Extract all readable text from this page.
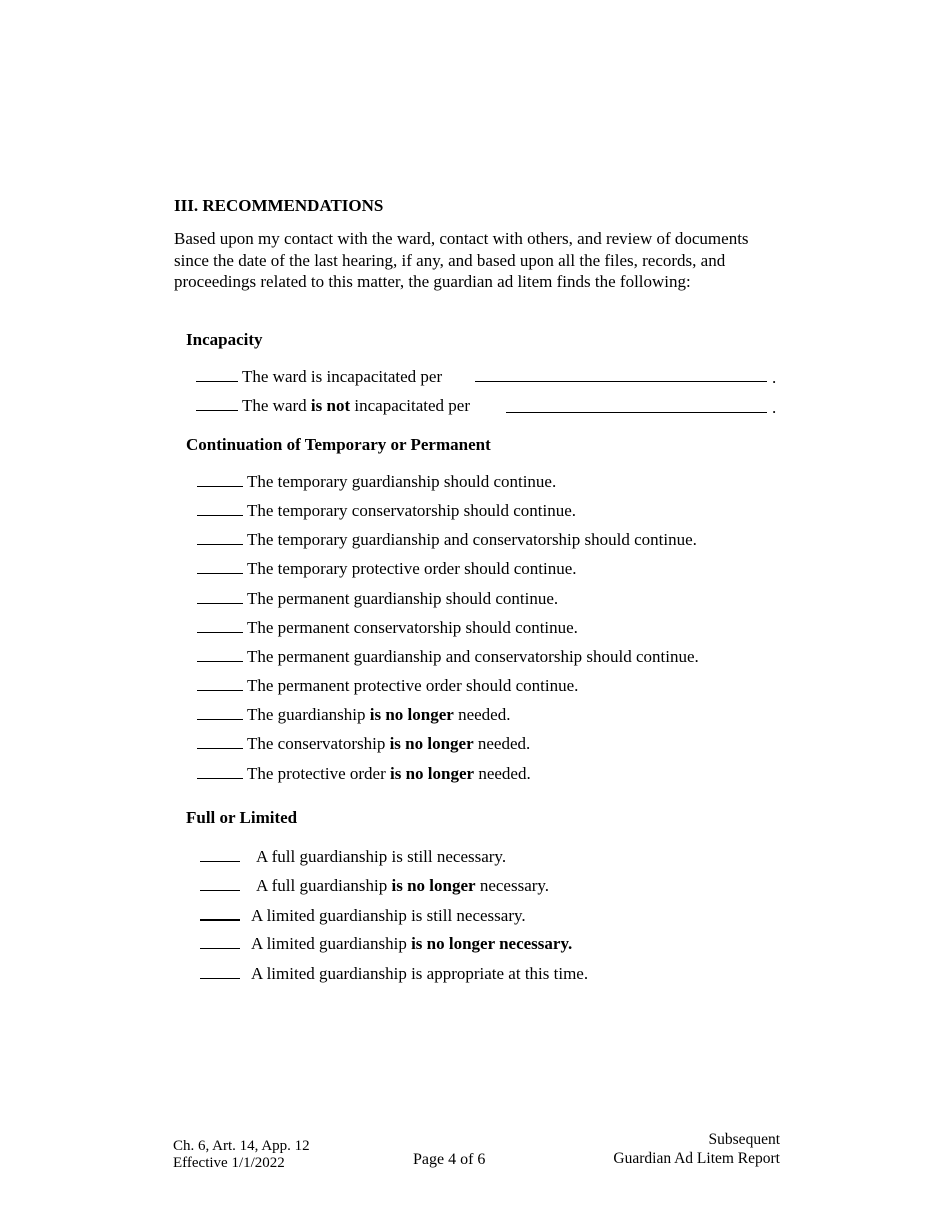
III. RECOMMENDATIONS
Based upon my contact with the ward, contact with others, and review of documents since the date of the last hearing, if any, and based upon all the files, records, and proceedings related to this matter, the guardian ad litem finds the following:
Incapacity
The ward is incapacitated per	.
The ward is not incapacitated per	.
Continuation of Temporary or Permanent
The temporary guardianship should continue.
The temporary conservatorship should continue.
The temporary guardianship and conservatorship should continue.
The temporary protective order should continue.
The permanent guardianship should continue.
The permanent conservatorship should continue.
The permanent guardianship and conservatorship should continue.
The permanent protective order should continue.
The guardianship is no longer needed.
The conservatorship is no longer needed.
The protective order is no longer needed.
Full or Limited
A full guardianship is still necessary.
A full guardianship is no longer necessary.
A limited guardianship is still necessary.
A limited guardianship is no longer necessary.
A limited guardianship is appropriate at this time.
Ch. 6, Art. 14, App. 12
Effective 1/1/2022	Page 4 of 6
Subsequent
Guardian Ad Litem Report
